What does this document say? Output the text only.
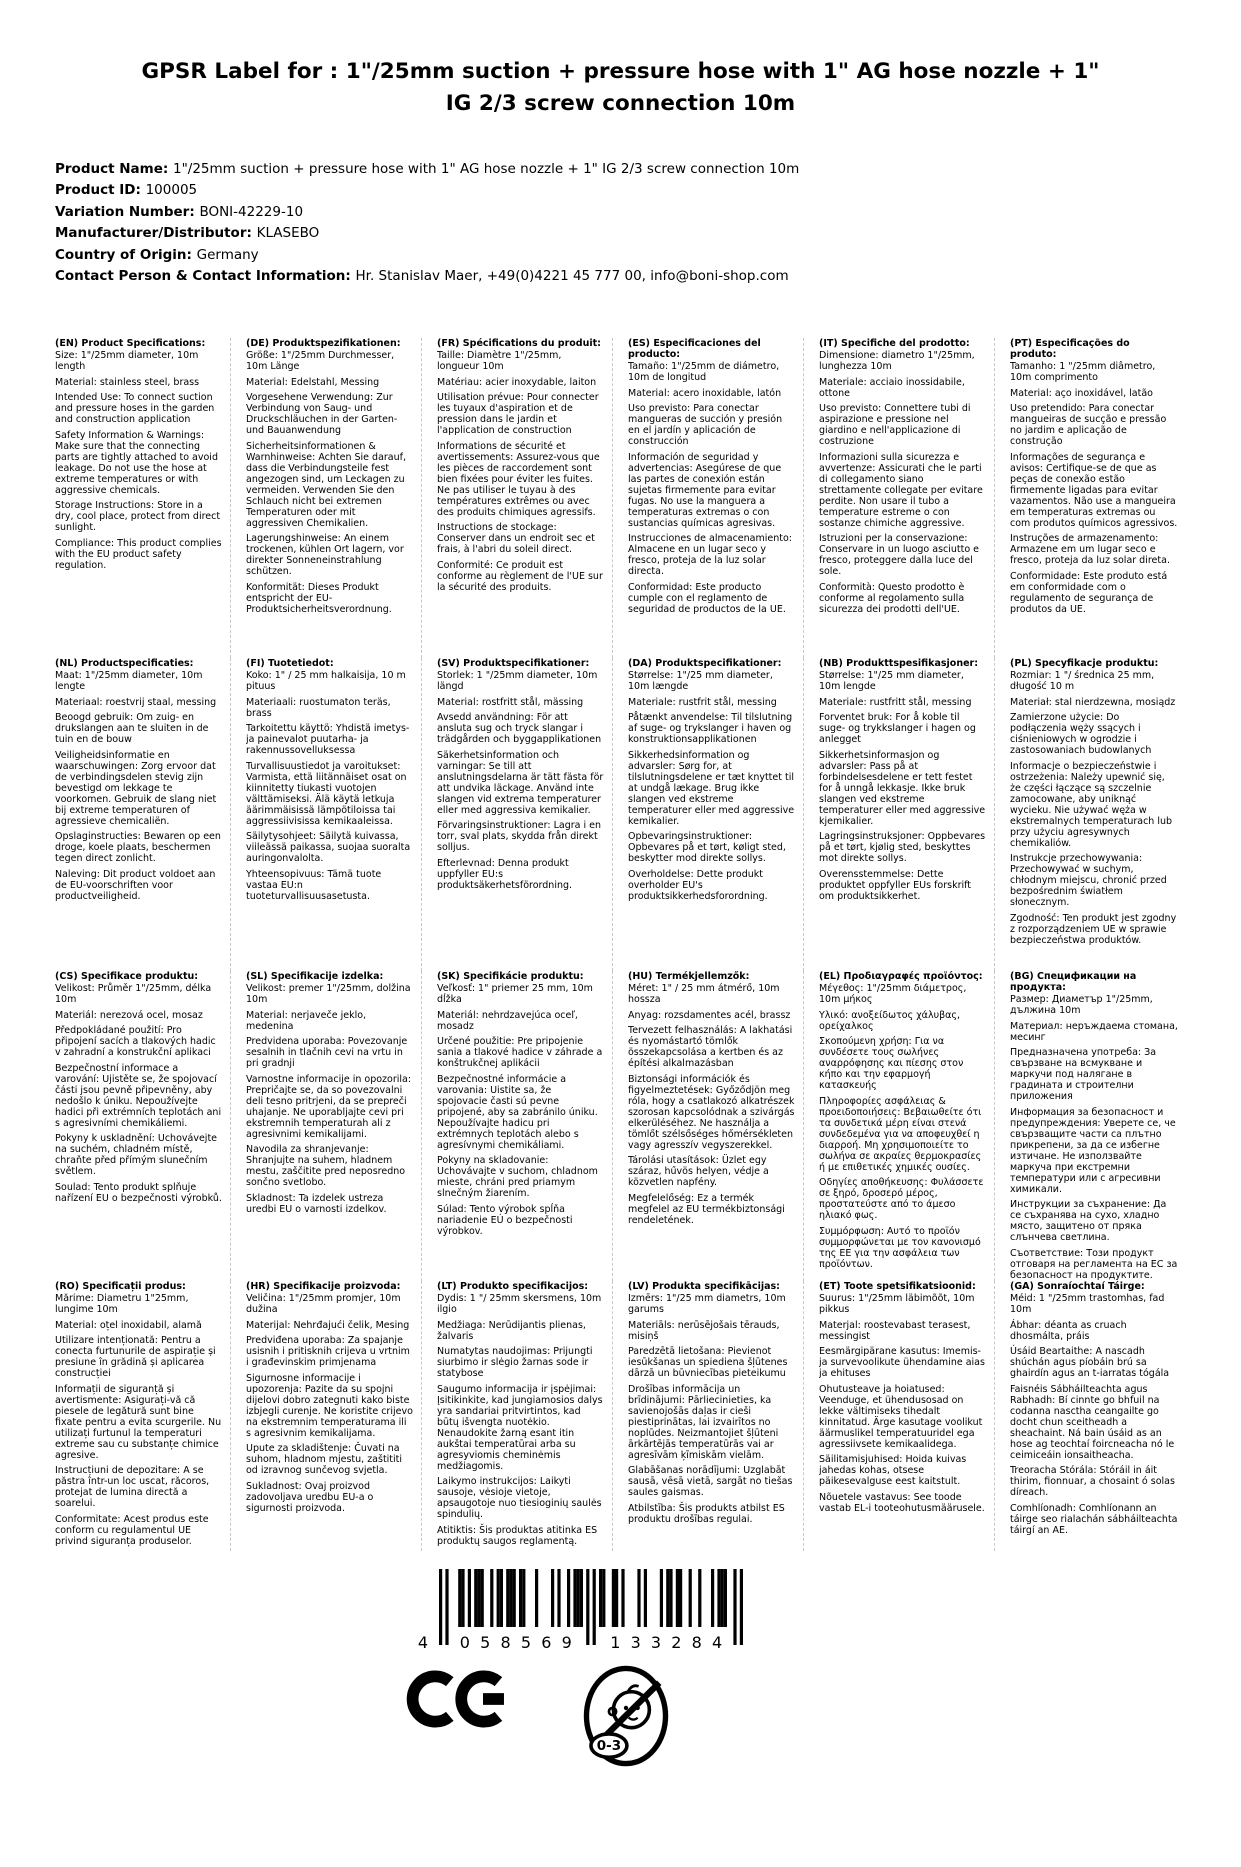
GPSR Label for : 1"/25mm suction + pressure hose with 1" AG hose nozzle + 1" IG 2/3 screw connection 10m
Product Name: 1"/25mm suction + pressure hose with 1" AG hose nozzle + 1" IG 2/3 screw connection 10m
Product ID: 100005
Variation Number: BONI-42229-10
Manufacturer/Distributor: KLASEBO
Country of Origin: Germany
Contact Person & Contact Information: Hr. Stanislav Maer, +49(0)4221 45 777 00, info@boni-shop.com
(EN) Product Specifications:

Size: 1"/25mm diameter, 10m length

Material: stainless steel, brass

Intended Use: To connect suction and pressure hoses in the garden and construction application

Safety Information & Warnings: Make sure that the connecting parts are tightly attached to avoid leakage. Do not use the hose at extreme temperatures or with aggressive chemicals.

Storage Instructions: Store in a dry, cool place, protect from direct sunlight.

Compliance: This product complies with the EU product safety regulation.

(DE) Produktspezifikationen:

Größe: 1"/25mm Durchmesser, 10m Länge

Material: Edelstahl, Messing

Vorgesehene Verwendung: Zur Verbindung von Saug- und Druckschläuchen in der Garten- und Bauanwendung

Sicherheitsinformationen & Warnhinweise: Achten Sie darauf, dass die Verbindungsteile fest angezogen sind, um Leckagen zu vermeiden. Verwenden Sie den Schlauch nicht bei extremen Temperaturen oder mit aggressiven Chemikalien.

Lagerungshinweise: An einem trockenen, kühlen Ort lagern, vor direkter Sonneneinstrahlung schützen.

Konformität: Dieses Produkt entspricht der EU-Produktsicherheitsverordnung.

(FR) Spécifications du produit:

Taille: Diamètre 1"/25mm, longueur 10m

Matériau: acier inoxydable, laiton

Utilisation prévue: Pour connecter les tuyaux d'aspiration et de pression dans le jardin et l'application de construction

Informations de sécurité et avertissements: Assurez-vous que les pièces de raccordement sont bien fixées pour éviter les fuites. Ne pas utiliser le tuyau à des températures extrêmes ou avec des produits chimiques agressifs.

Instructions de stockage: Conserver dans un endroit sec et frais, à l'abri du soleil direct.

Conformité: Ce produit est conforme au règlement de l'UE sur la sécurité des produits.

(ES) Especificaciones del producto:

Tamaño: 1"/25mm de diámetro, 10m de longitud

Material: acero inoxidable, latón

Uso previsto: Para conectar mangueras de succión y presión en el jardín y aplicación de construcción

Información de seguridad y advertencias: Asegúrese de que las partes de conexión están sujetas firmemente para evitar fugas. No use la manguera a temperaturas extremas o con sustancias químicas agresivas.

Instrucciones de almacenamiento: Almacene en un lugar seco y fresco, proteja de la luz solar directa.

Conformidad: Este producto cumple con el reglamento de seguridad de productos de la UE.

(IT) Specifiche del prodotto:

Dimensione: diametro 1"/25mm, lunghezza 10m

Materiale: acciaio inossidabile, ottone

Uso previsto: Connettere tubi di aspirazione e pressione nel giardino e nell'applicazione di costruzione

Informazioni sulla sicurezza e avvertenze: Assicurati che le parti di collegamento siano strettamente collegate per evitare perdite. Non usare il tubo a temperature estreme o con sostanze chimiche aggressive.

Istruzioni per la conservazione: Conservare in un luogo asciutto e fresco, proteggere dalla luce del sole.

Conformità: Questo prodotto è conforme al regolamento sulla sicurezza dei prodotti dell'UE.

(PT) Especificações do produto:

Tamanho: 1 "/25mm diâmetro, 10m comprimento

Material: aço inoxidável, latão

Uso pretendido: Para conectar mangueiras de sucção e pressão no jardim e aplicação de construção

Informações de segurança e avisos: Certifique-se de que as peças de conexão estão firmemente ligadas para evitar vazamentos. Não use a mangueira em temperaturas extremas ou com produtos químicos agressivos.

Instruções de armazenamento: Armazene em um lugar seco e fresco, proteja da luz solar direta.

Conformidade: Este produto está em conformidade com o regulamento de segurança de produtos da UE.

(NL) Productspecificaties:

Maat: 1"/25mm diameter, 10m lengte

Materiaal: roestvrij staal, messing

Beoogd gebruik: Om zuig- en drukslangen aan te sluiten in de tuin en de bouw

Veiligheidsinformatie en waarschuwingen: Zorg ervoor dat de verbindingsdelen stevig zijn bevestigd om lekkage te voorkomen. Gebruik de slang niet bij extreme temperaturen of agressieve chemicaliën.

Opslaginstructies: Bewaren op een droge, koele plaats, beschermen tegen direct zonlicht.

Naleving: Dit product voldoet aan de EU-voorschriften voor productveiligheid.

(FI) Tuotetiedot:

Koko: 1" / 25 mm halkaisija, 10 m pituus

Materiaali: ruostumaton teräs, brass

Tarkoitettu käyttö: Yhdistä imetys- ja painevalot puutarha- ja rakennussovelluksessa

Turvallisuustiedot ja varoitukset: Varmista, että liitännäiset osat on kiinnitetty tiukasti vuotojen välttämiseksi. Älä käytä letkuja äärimmäisissä lämpötiloissa tai aggressiivisissa kemikaaleissa.

Säilytysohjeet: Säilytä kuivassa, viileässä paikassa, suojaa suoralta auringonvalolta.

Yhteensopivuus: Tämä tuote vastaa EU:n tuoteturvallisuusasetusta.

(SV) Produktspecifikationer:

Storlek: 1 "/25mm diameter, 10m längd

Material: rostfritt stål, mässing

Avsedd användning: För att ansluta sug och tryck slangar i trädgården och byggapplikationen

Säkerhetsinformation och varningar: Se till att anslutningsdelarna är tätt fästa för att undvika läckage. Använd inte slangen vid extrema temperaturer eller med aggressiva kemikalier.

Förvaringsinstruktioner: Lagra i en torr, sval plats, skydda från direkt solljus.

Efterlevnad: Denna produkt uppfyller EU:s produktsäkerhetsförordning.

(DA) Produktspecifikationer:

Størrelse: 1"/25 mm diameter, 10m længde

Materiale: rustfrit stål, messing

Påtænkt anvendelse: Til tilslutning af suge- og trykslanger i haven og konstruktionsapplikationen

Sikkerhedsinformation og advarsler: Sørg for, at tilslutningsdelene er tæt knyttet til at undgå lækage. Brug ikke slangen ved ekstreme temperaturer eller med aggressive kemikalier.

Opbevaringsinstruktioner: Opbevares på et tørt, køligt sted, beskytter mod direkte sollys.

Overholdelse: Dette produkt overholder EU's produktsikkerhedsforordning.

(NB) Produkttspesifikasjoner:

Størrelse: 1"/25 mm diameter, 10m lengde

Materiale: rustfritt stål, messing

Forventet bruk: For å koble til suge- og trykkslanger i hagen og anlegget

Sikkerhetsinformasjon og advarsler: Pass på at forbindelsesdelene er tett festet for å unngå lekkasje. Ikke bruk slangen ved ekstreme temperaturer eller med aggressive kjemikalier.

Lagringsinstruksjoner: Oppbevares på et tørt, kjølig sted, beskyttes mot direkte sollys.

Overensstemmelse: Dette produktet oppfyller EUs forskrift om produktsikkerhet.

(PL) Specyfikacje produktu:

Rozmiar: 1 "/ średnica 25 mm, długość 10 m

Materiał: stal nierdzewna, mosiądz

Zamierzone użycie: Do podłączenia węży ssących i ciśnieniowych w ogrodzie i zastosowaniach budowlanych

Informacje o bezpieczeństwie i ostrzeżenia: Należy upewnić się, że części łączące są szczelnie zamocowane, aby uniknąć wycieku. Nie używać węża w ekstremalnych temperaturach lub przy użyciu agresywnych chemikaliów.

Instrukcje przechowywania: Przechowywać w suchym, chłodnym miejscu, chronić przed bezpośrednim światłem słonecznym.

Zgodność: Ten produkt jest zgodny z rozporządzeniem UE w sprawie bezpieczeństwa produktów.

(CS) Specifikace produktu:

Velikost: Průměr 1"/25mm, délka 10m

Materiál: nerezová ocel, mosaz

Předpokládané použití: Pro připojení sacích a tlakových hadic v zahradní a konstrukční aplikaci

Bezpečnostní informace a varování: Ujistěte se, že spojovací části jsou pevně připevněny, aby nedošlo k úniku. Nepoužívejte hadici při extrémních teplotách ani s agresivními chemikáliemi.

Pokyny k uskladnění: Uchovávejte na suchém, chladném místě, chraňte před přímým slunečním světlem.

Soulad: Tento produkt splňuje nařízení EU o bezpečnosti výrobků.

(SL) Specifikacije izdelka:

Velikost: premer 1"/25mm, dolžina 10m

Material: nerjaveče jeklo, medenina

Predvidena uporaba: Povezovanje sesalnih in tlačnih cevi na vrtu in pri gradnji

Varnostne informacije in opozorila: Prepričajte se, da so povezovalni deli tesno pritrjeni, da se prepreči uhajanje. Ne uporabljajte cevi pri ekstremnih temperaturah ali z agresivnimi kemikalijami.

Navodila za shranjevanje: Shranjujte na suhem, hladnem mestu, zaščitite pred neposredno sončno svetlobo.

Skladnost: Ta izdelek ustreza uredbi EU o varnosti izdelkov.

(SK) Špecifikácie produktu:

Veľkosť: 1" priemer 25 mm, 10m dĺžka

Materiál: nehrdzavejúca oceľ, mosadz

Určené použitie: Pre pripojenie sania a tlakové hadice v záhrade a konštrukčnej aplikácii

Bezpečnostné informácie a varovania: Uistite sa, že spojovacie časti sú pevne pripojené, aby sa zabránilo úniku. Nepoužívajte hadicu pri extrémnych teplotách alebo s agresívnymi chemikáliami.

Pokyny na skladovanie: Uchovávajte v suchom, chladnom mieste, chráni pred priamym slnečným žiarením.

Súlad: Tento výrobok spĺňa nariadenie EÚ o bezpečnosti výrobkov.

(HU) Termékjellemzők:

Méret: 1" / 25 mm átmérő, 10m hossza

Anyag: rozsdamentes acél, brassz

Tervezett felhasználás: A lakhatási és nyomástartó tömlők összekapcsolása a kertben és az építési alkalmazásban

Biztonsági információk és figyelmeztetések: Győződjön meg róla, hogy a csatlakozó alkatrészek szorosan kapcsolódnak a szivárgás elkerüléséhez. Ne használja a tömlőt szélsőséges hőmérsékleten vagy agresszív vegyszerekkel.

Tárolási utasítások: Üzlet egy száraz, hűvös helyen, védje a közvetlen napfény.

Megfelelőség: Ez a termék megfelel az EU termékbiztonsági rendeletének.

(EL) Προδιαγραφές προϊόντος:

Μέγεθος: 1"/25mm διάμετρος, 10m μήκος

Υλικό: ανοξείδωτος χάλυβας, ορείχαλκος

Σκοπούμενη χρήση: Για να συνδέσετε τους σωλήνες αναρρόφησης και πίεσης στον κήπο και την εφαρμογή κατασκευής

Πληροφορίες ασφάλειας & προειδοποιήσεις: Βεβαιωθείτε ότι τα συνδετικά μέρη είναι στενά συνδεδεμένα για να αποφευχθεί η διαρροή. Μη χρησιμοποιείτε το σωλήνα σε ακραίες θερμοκρασίες ή με επιθετικές χημικές ουσίες.

Οδηγίες αποθήκευσης: Φυλάσσετε σε ξηρό, δροσερό μέρος, προστατεύστε από το άμεσο ηλιακό φως.

Συμμόρφωση: Αυτό το προϊόν συμμορφώνεται με τον κανονισμό της ΕΕ για την ασφάλεια των προϊόντων.

(BG) Спецификации на продукта:

Размер: Диаметър 1"/25mm, дължина 10m

Материал: неръждаема стомана, месинг

Предназначена употреба: За свързване на всмукване и маркучи под налягане в градината и строителни приложения

Информация за безопасност и предупреждения: Уверете се, че свързващите части са плътно прикрепени, за да се избегне изтичане. Не използвайте маркуча при екстремни температури или с агресивни химикали.

Инструкции за съхранение: Да се съхранява на сухо, хладно място, защитено от пряка слънчева светлина.

Съответствие: Този продукт отговаря на регламента на ЕС за безопасност на продуктите.

(RO) Specificații produs:

Mărime: Diametru 1"25mm, lungime 10m

Material: oțel inoxidabil, alamă

Utilizare intenționată: Pentru a conecta furtunurile de aspirație și presiune în grădină și aplicarea construcției

Informații de siguranță și avertismente: Asigurați-vă că piesele de legătură sunt bine fixate pentru a evita scurgerile. Nu utilizați furtunul la temperaturi extreme sau cu substanțe chimice agresive.

Instrucțiuni de depozitare: A se păstra într-un loc uscat, răcoros, protejat de lumina directă a soarelui.

Conformitate: Acest produs este conform cu regulamentul UE privind siguranța produselor.

(HR) Specifikacije proizvoda:

Veličina: 1"/25mm promjer, 10m dužina

Materijal: Nehrđajući čelik, Mesing

Predviđena uporaba: Za spajanje usisnih i pritisknih crijeva u vrtnim i građevinskim primjenama

Sigurnosne informacije i upozorenja: Pazite da su spojni dijelovi dobro zategnuti kako biste izbjegli curenje. Ne koristite crijevo na ekstremnim temperaturama ili s agresivnim kemikalijama.

Upute za skladištenje: Čuvati na suhom, hladnom mjestu, zaštititi od izravnog sunčevog svjetla.

Sukladnost: Ovaj proizvod zadovoljava uredbu EU-a o sigurnosti proizvoda.

(LT) Produkto specifikacijos:

Dydis: 1 "/ 25mm skersmens, 10m ilgio

Medžiaga: Nerūdijantis plienas, žalvaris

Numatytas naudojimas: Prijungti siurbimo ir slėgio žarnas sode ir statybose

Saugumo informacija ir įspėjimai: Įsitikinkite, kad jungiamosios dalys yra sandariai pritvirtintos, kad būtų išvengta nuotėkio. Nenaudokite žarną esant itin aukštai temperatūrai arba su agresyviomis cheminėmis medžiagomis.

Laikymo instrukcijos: Laikyti sausoje, vėsioje vietoje, apsaugotoje nuo tiesioginių saulės spindulių.

Atitiktis: Šis produktas atitinka ES produktų saugos reglamentą.

(LV) Produkta specifikācijas:

Izmērs: 1"/25 mm diametrs, 10m garums

Materiāls: nerūsējošais tērauds, misiņš

Paredzētā lietošana: Pievienot iesūkšanas un spiediena šļūtenes dārzā un būvniecības pieteikumu

Drošības informācija un brīdinājumi: Pārliecinieties, ka savienojošās daļas ir cieši piestiprinātas, lai izvairītos no noplūdes. Neizmantojiet šļūteni ārkārtējās temperatūrās vai ar agresīvām ķīmiskām vielām.

Glabāšanas norādījumi: Uzglabāt sausā, vēsā vietā, sargāt no tiešas saules gaismas.

Atbilstība: Šis produkts atbilst ES produktu drošības regulai.

(ET) Toote spetsifikatsioonid:

Suurus: 1"/25mm läbimõõt, 10m pikkus

Materjal: roostevabast terasest, messingist

Eesmärgipärane kasutus: Imemis- ja survevoolikute ühendamine aias ja ehituses

Ohutusteave ja hoiatused: Veenduge, et ühendusosad on lekke vältimiseks tihedalt kinnitatud. Ärge kasutage voolikut äärmuslikel temperatuuridel ega agressiivsete kemikaalidega.

Säilitamisjuhised: Hoida kuivas jahedas kohas, otsese päikesevalguse eest kaitstult.

Nõuetele vastavus: See toode vastab EL-i tooteohutusmäärusele.

(GA) Sonraíochtaí Táirge:

Méid: 1 "/25mm trastomhas, fad 10m

Ábhar: déanta as cruach dhosmálta, práis

Úsáid Beartaithe: A nascadh shúchán agus píobáin brú sa ghairdín agus an t-iarratas tógála

Faisnéis Sábháilteachta agus Rabhadh: Bí cinnte go bhfuil na codanna nasctha ceangailte go docht chun sceitheadh a sheachaint. Ná bain úsáid as an hose ag teochtaí foircneacha nó le ceimiceáin ionsaitheacha.

Treoracha Stórála: Stóráil in áit thirim, fionnuar, a chosaint ó solas díreach.

Comhlíonadh: Comhlíonann an táirge seo rialachán sábháilteachta táirgí an AE.

4 058569 133284
0-3
